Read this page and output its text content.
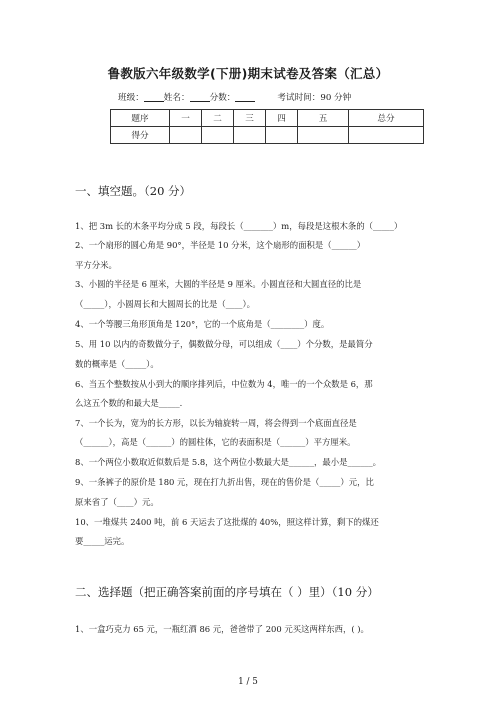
鲁教版六年级数学(下册)期末试卷及答案（汇总）
班级： 姓名： 分数：	考试时间：90 分钟
题序	一	二	三	四	五	总分
得分						
一、填空题。（20 分）
1、把 3m 长的木条平均分成 5 段，每段长（_______）m，每段是这根木条的（_____）
2、一个扇形的圆心角是 90°，半径是 10 分米，这个扇形的面积是（______）
平方分米。
3、小圆的半径是 6 厘米，大圆的半径是 9 厘米。小圆直径和大圆直径的比是
（_____），小圆周长和大圆周长的比是（____）。
4、一个等腰三角形顶角是 120°，它的一个底角是（________）度。
5、用 10 以内的奇数做分子，偶数做分母，可以组成（____）个分数，是最简分
数的概率是（_____）。
6、当五个整数按从小到大的顺序排列后，中位数为 4，唯一的一个众数是 6，那
么这五个数的和最大是_____.
7、一个长为，宽为的长方形，以长为轴旋转一周，将会得到一个底面直径是
（______），高是（______）的圆柱体，它的表面积是（______）平方厘米。
8、一个两位小数取近似数后是 5.8，这个两位小数最大是______，最小是______。
9、一条裤子的原价是 180 元，现在打九折出售，现在的售价是（_____）元，比
原来省了（____）元。
10、一堆煤共 2400 吨，前 6 天运去了这批煤的 40%，照这样计算，剩下的煤还
要_____运完。
二、选择题（把正确答案前面的序号填在（ ）里）（10 分）
1、一盒巧克力 65 元，一瓶红酒 86 元，爸爸带了 200 元买这两样东西，( )。
1 / 5
